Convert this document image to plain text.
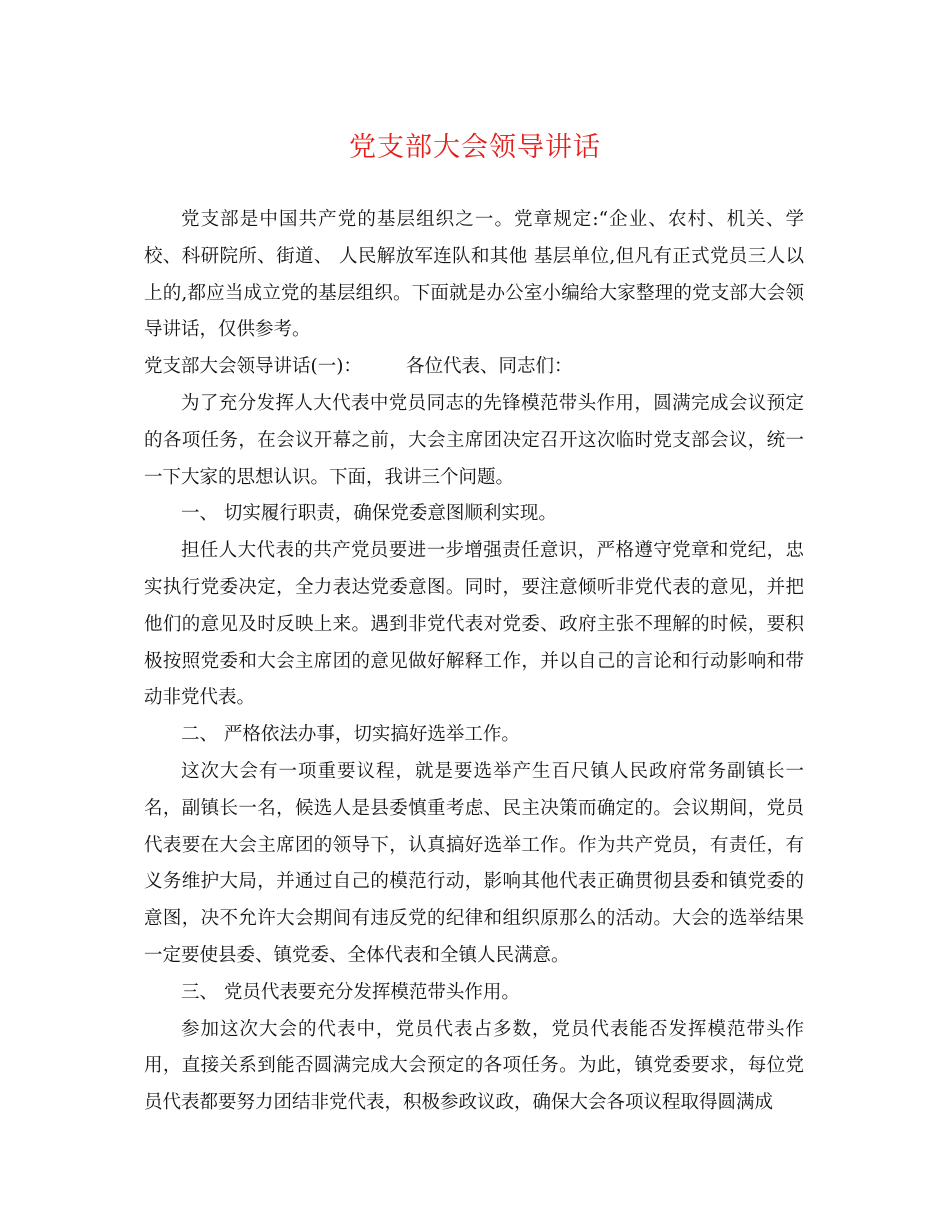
党支部大会领导讲话

党支部是中国共产党的基层组织之一。党章规定:“企业、农村、机关、学校、科研院所、街道、 人民解放军连队和其他 基层单位,但凡有正式党员三人以上的,都应当成立党的基层组织。下面就是办公室小编给大家整理的党支部大会领导讲话，仅供参考。

党支部大会领导讲话(一)： 各位代表、同志们：

为了充分发挥人大代表中党员同志的先锋模范带头作用，圆满完成会议预定的各项任务，在会议开幕之前，大会主席团决定召开这次临时党支部会议，统一一下大家的思想认识。下面，我讲三个问题。

一、 切实履行职责，确保党委意图顺利实现。

担任人大代表的共产党员要进一步增强责任意识，严格遵守党章和党纪，忠实执行党委决定，全力表达党委意图。同时，要注意倾听非党代表的意见，并把他们的意见及时反映上来。遇到非党代表对党委、政府主张不理解的时候，要积极按照党委和大会主席团的意见做好解释工作，并以自己的言论和行动影响和带动非党代表。

二、 严格依法办事，切实搞好选举工作。

这次大会有一项重要议程，就是要选举产生百尺镇人民政府常务副镇长一名，副镇长一名，候选人是县委慎重考虑、民主决策而确定的。会议期间，党员代表要在大会主席团的领导下，认真搞好选举工作。作为共产党员，有责任，有义务维护大局，并通过自己的模范行动，影响其他代表正确贯彻县委和镇党委的意图，决不允许大会期间有违反党的纪律和组织原那么的活动。大会的选举结果一定要使县委、镇党委、全体代表和全镇人民满意。

三、 党员代表要充分发挥模范带头作用。

参加这次大会的代表中，党员代表占多数，党员代表能否发挥模范带头作用，直接关系到能否圆满完成大会预定的各项任务。为此，镇党委要求，每位党员代表都要努力团结非党代表，积极参政议政，确保大会各项议程取得圆满成
